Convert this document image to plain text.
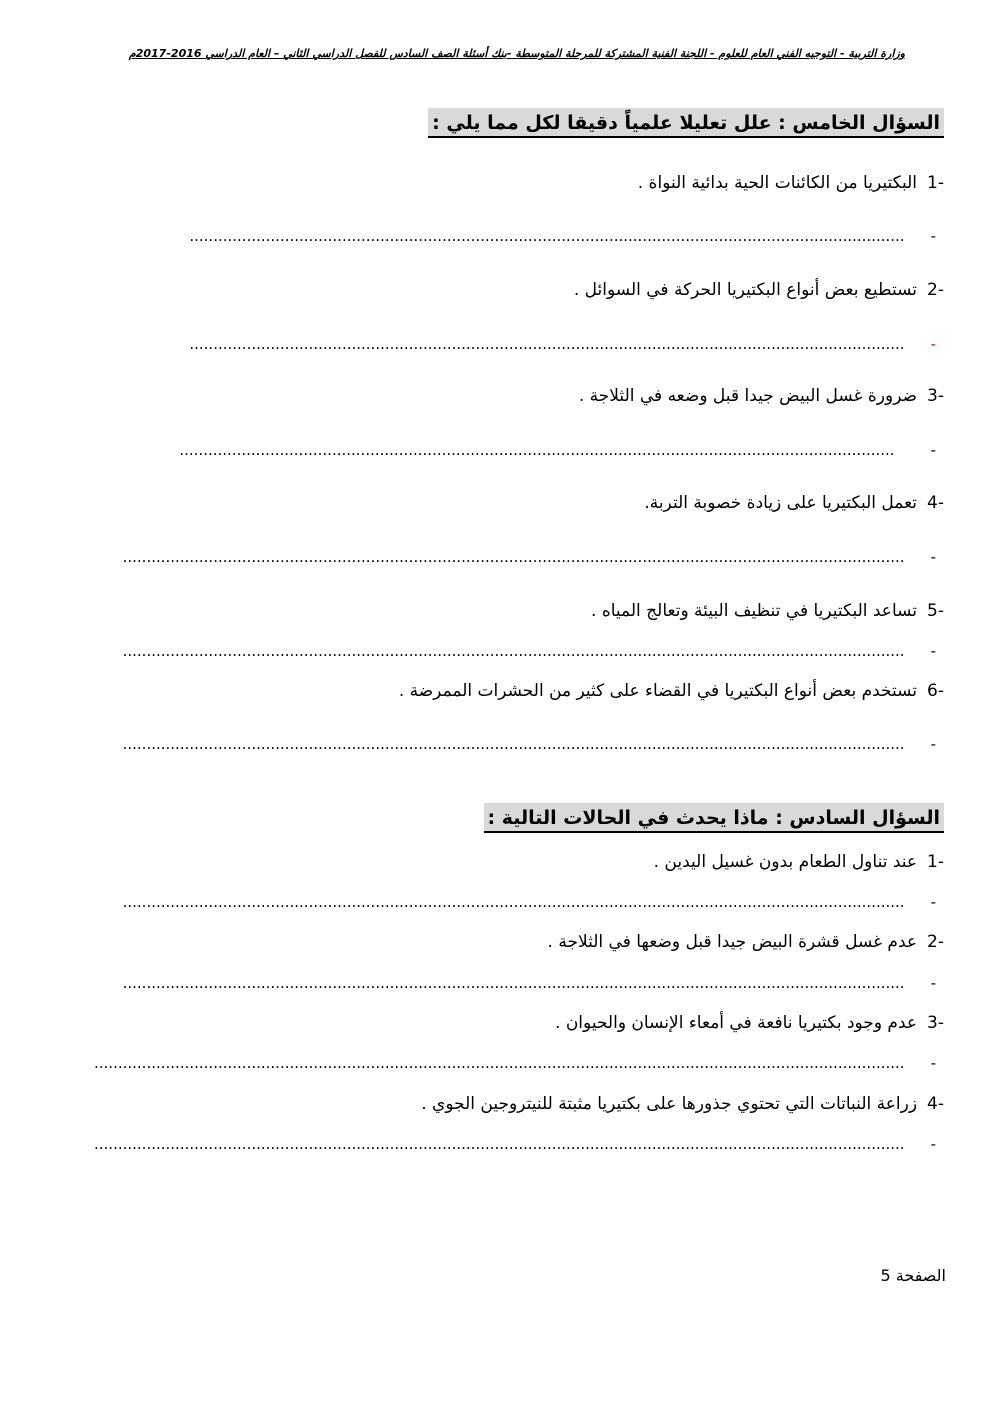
وزارة التربية - التوجيه الفني العام للعلوم - اللجنة الفنية المشتركة للمرحلة المتوسطة -بنك أسئلة الصف السادس للفصل الدراسي الثاني – العام الدراسي 2016-2017م
السؤال الخامس : علل تعليلا علمياً دقيقا لكل مما يلي :
-1البكتيريا من الكائنات الحية بدائية النواة .
-......................................................................................................................................................
-2تستطيع بعض أنواع البكتيريا الحركة في السوائل .
-......................................................................................................................................................
-3ضرورة غسل البيض جيدا قبل وضعه في الثلاجة .
-......................................................................................................................................................
-4تعمل البكتيريا على زيادة خصوبة التربة.
-....................................................................................................................................................................
-5تساعد البكتيريا في تنظيف البيئة وتعالج المياه .
-....................................................................................................................................................................
-6تستخدم بعض أنواع البكتيريا في القضاء على كثير من الحشرات الممرضة .
-....................................................................................................................................................................
السؤال السادس : ماذا يحدث في الحالات التالية :
-1عند تناول الطعام بدون غسيل اليدين .
-....................................................................................................................................................................
-2عدم غسل قشرة البيض جيدا قبل وضعها في الثلاجة .
-....................................................................................................................................................................
-3عدم وجود بكتيريا نافعة في أمعاء الإنسان والحيوان .
-..........................................................................................................................................................................
-4زراعة النباتات التي تحتوي جذورها على بكتيريا مثبتة للنيتروجين الجوي .
-..........................................................................................................................................................................
الصفحة 5
